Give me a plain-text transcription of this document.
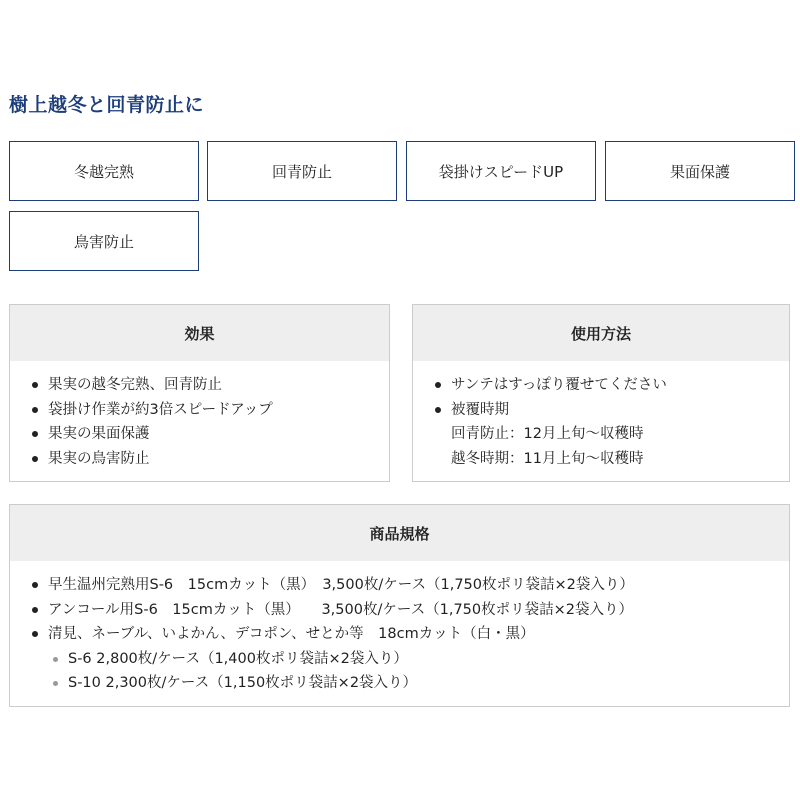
樹上越冬と回青防止に
冬越完熟	回青防止	袋掛けスピードUP	果面保護
鳥害防止
効果
果実の越冬完熟、回青防止
袋掛け作業が約3倍スピードアップ
果実の果面保護
果実の鳥害防止
使用方法
サンテはすっぽり覆せてください
被覆時期
回青防止：12月上旬～収穫時
越冬時期：11月上旬～収穫時
商品規格
早生温州完熟用S-6　15cmカット（黒）　3,500枚/ケース（1,750枚ポリ袋詰×2袋入り）
アンコール用S-6　15cmカット（黒）　　3,500枚/ケース（1,750枚ポリ袋詰×2袋入り）
清見、ネーブル、いよかん、デコポン、せとか等　18cmカット（白・黒）
S-6 2,800枚/ケース（1,400枚ポリ袋詰×2袋入り）
S-10 2,300枚/ケース（1,150枚ポリ袋詰×2袋入り）
